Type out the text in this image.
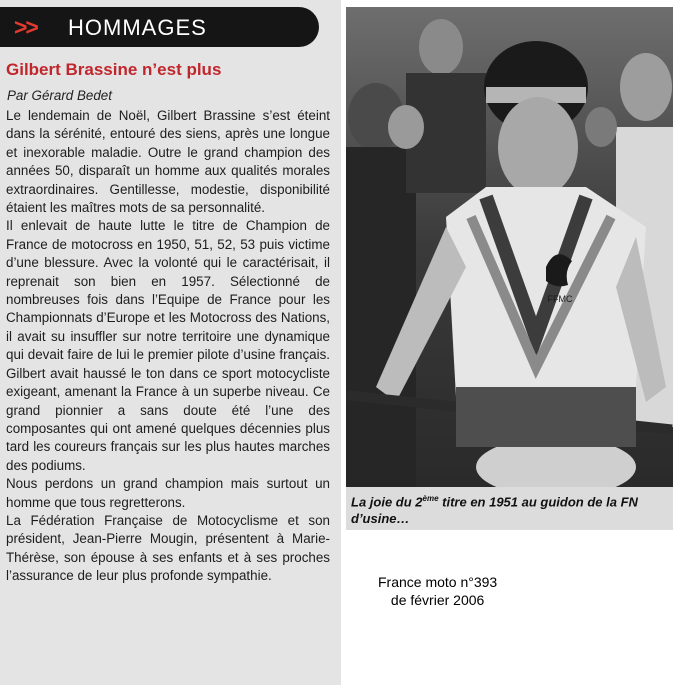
>> HOMMAGES
Gilbert Brassine n’est plus
Par Gérard Bedet

Le lendemain de Noël, Gilbert Brassine s’est éteint dans la sérénité, entouré des siens, après une longue et inexorable maladie. Outre le grand champion des années 50, disparaît un homme aux qualités morales extraordinaires. Gentillesse, modestie, disponibilité étaient les maîtres mots de sa personnalité.

Il enlevait de haute lutte le titre de Champion de France de motocross en 1950, 51, 52, 53 puis victime d’une blessure. Avec la volonté qui le caractérisait, il reprenait son bien en 1957. Sélectionné de nombreuses fois dans l’Equipe de France pour les Championnats d’Europe et les Motocross des Nations, il avait su insuffler sur notre territoire une dynamique qui devait faire de lui le premier pilote d’usine français. Gilbert avait haussé le ton dans ce sport motocycliste exigeant, amenant la France à un superbe niveau. Ce grand pionnier a sans doute été l’une des composantes qui ont amené quelques décennies plus tard les coureurs français sur les plus hautes marches des podiums.

Nous perdons un grand champion mais surtout un homme que tous regretterons.

La Fédération Française de Motocyclisme et son président, Jean-Pierre Mougin, présentent à Marie-Thérèse, son épouse à ses enfants et à ses proches l’assurance de leur plus profonde sympathie.

FFMC
La joie du 2ème titre en 1951 au guidon de la FN d’usine…
France moto n°393
de février 2006
